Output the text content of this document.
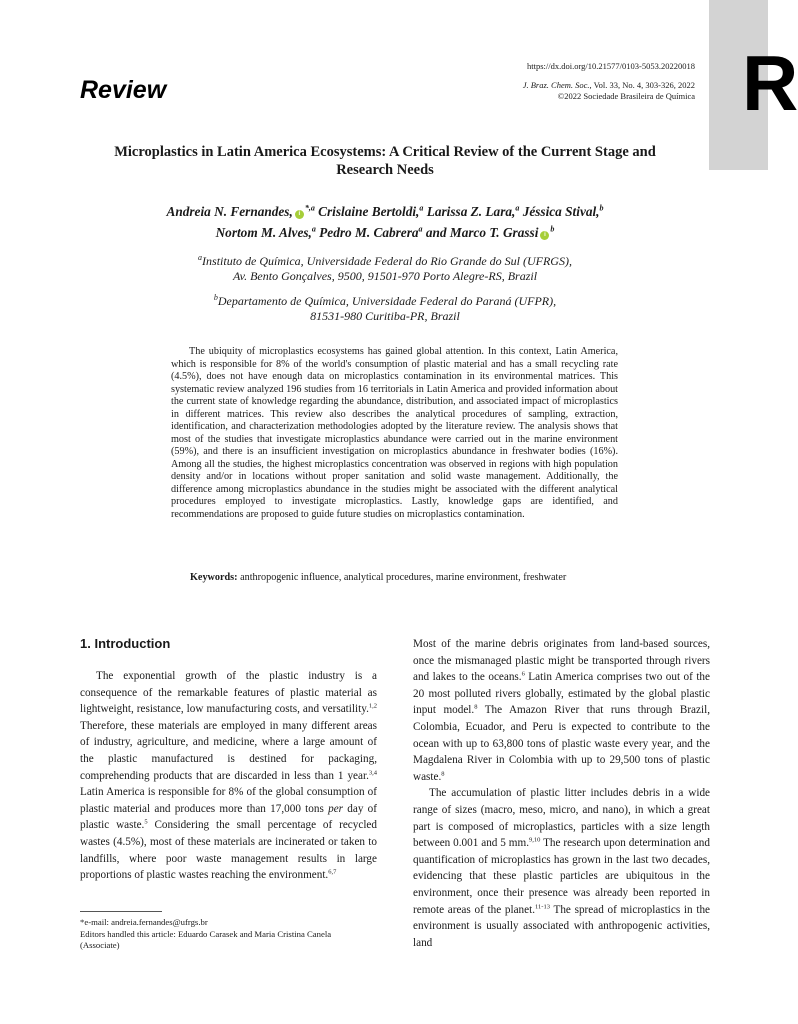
R
Review
https://dx.doi.org/10.21577/0103-5053.20220018
J. Braz. Chem. Soc., Vol. 33, No. 4, 303-326, 2022
©2022 Sociedade Brasileira de Química
Microplastics in Latin America Ecosystems: A Critical Review of the Current Stage and Research Needs
Andreia N. Fernandes, $i^{*,a}$ Crislaine Bertoldi,$^a$ Larissa Z. Lara,$^a$ Jéssica Stival,$^b$
Nortom M. Alves,$^a$ Pedro M. Cabrera$^a$ and Marco T. Grassi $i^b$
$^a$Instituto de Química, Universidade Federal do Rio Grande do Sul (UFRGS),
Av. Bento Gonçalves, 9500, 91501-970 Porto Alegre-RS, Brazil
$^b$Departamento de Química, Universidade Federal do Paraná (UFPR),
81531-980 Curitiba-PR, Brazil
The ubiquity of microplastics ecosystems has gained global attention. In this context, Latin America, which is responsible for 8% of the world's consumption of plastic material and has a small recycling rate (4.5%), does not have enough data on microplastics contamination in its environmental matrices. This systematic review analyzed 196 studies from 16 territorials in Latin America and provided information about the current state of knowledge regarding the abundance, distribution, and associated impact of microplastics in different matrices. This review also describes the analytical procedures of sampling, extraction, identification, and characterization methodologies adopted by the literature review. The analysis shows that most of the studies that investigate microplastics abundance were carried out in the marine environment (59%), and there is an insufficient investigation on microplastics abundance in freshwater bodies (16%). Among all the studies, the highest microplastics concentration was observed in regions with high population density and/or in locations without proper sanitation and solid waste management. Additionally, the difference among microplastics abundance in the studies might be associated with the different analytical procedures employed to investigate microplastics. Lastly, knowledge gaps are identified, and recommendations are proposed to guide future studies on microplastics contamination.
Keywords: anthropogenic influence, analytical procedures, marine environment, freshwater
1. Introduction

The exponential growth of the plastic industry is a consequence of the remarkable features of plastic material as lightweight, resistance, low manufacturing costs, and versatility.$^{1,2}$ Therefore, these materials are employed in many different areas of industry, agriculture, and medicine, where a large amount of the plastic manufactured is destined for packaging, comprehending products that are discarded in less than 1 year.$^{3,4}$ Latin America is responsible for 8% of the global consumption of plastic material and produces more than 17,000 tons per day of plastic waste.$^5$ Considering the small percentage of recycled wastes (4.5%), most of these materials are incinerated or taken to landfills, where poor waste management results in large proportions of plastic wastes reaching the environment.$^{6,7}$

Most of the marine debris originates from land-based sources, once the mismanaged plastic might be transported through rivers and lakes to the oceans.$^6$ Latin America comprises two out of the 20 most polluted rivers globally, estimated by the global plastic input model.$^8$ The Amazon River that runs through Brazil, Colombia, Ecuador, and Peru is expected to contribute to the ocean with up to 63,800 tons of plastic waste every year, and the Magdalena River in Colombia with up to 29,500 tons of plastic waste.$^8$

The accumulation of plastic litter includes debris in a wide range of sizes (macro, meso, micro, and nano), in which a great part is composed of microplastics, particles with a size length between 0.001 and 5 mm.$^{9,10}$ The research upon determination and quantification of microplastics has grown in the last two decades, evidencing that these plastic particles are ubiquitous in the environment, once their presence was already been reported in remote areas of the planet.$^{11-13}$ The spread of microplastics in the environment is usually associated with anthropogenic activities, land

*e-mail: andreia.fernandes@ufrgs.br
Editors handled this article: Eduardo Carasek and Maria Cristina Canela
(Associate)
